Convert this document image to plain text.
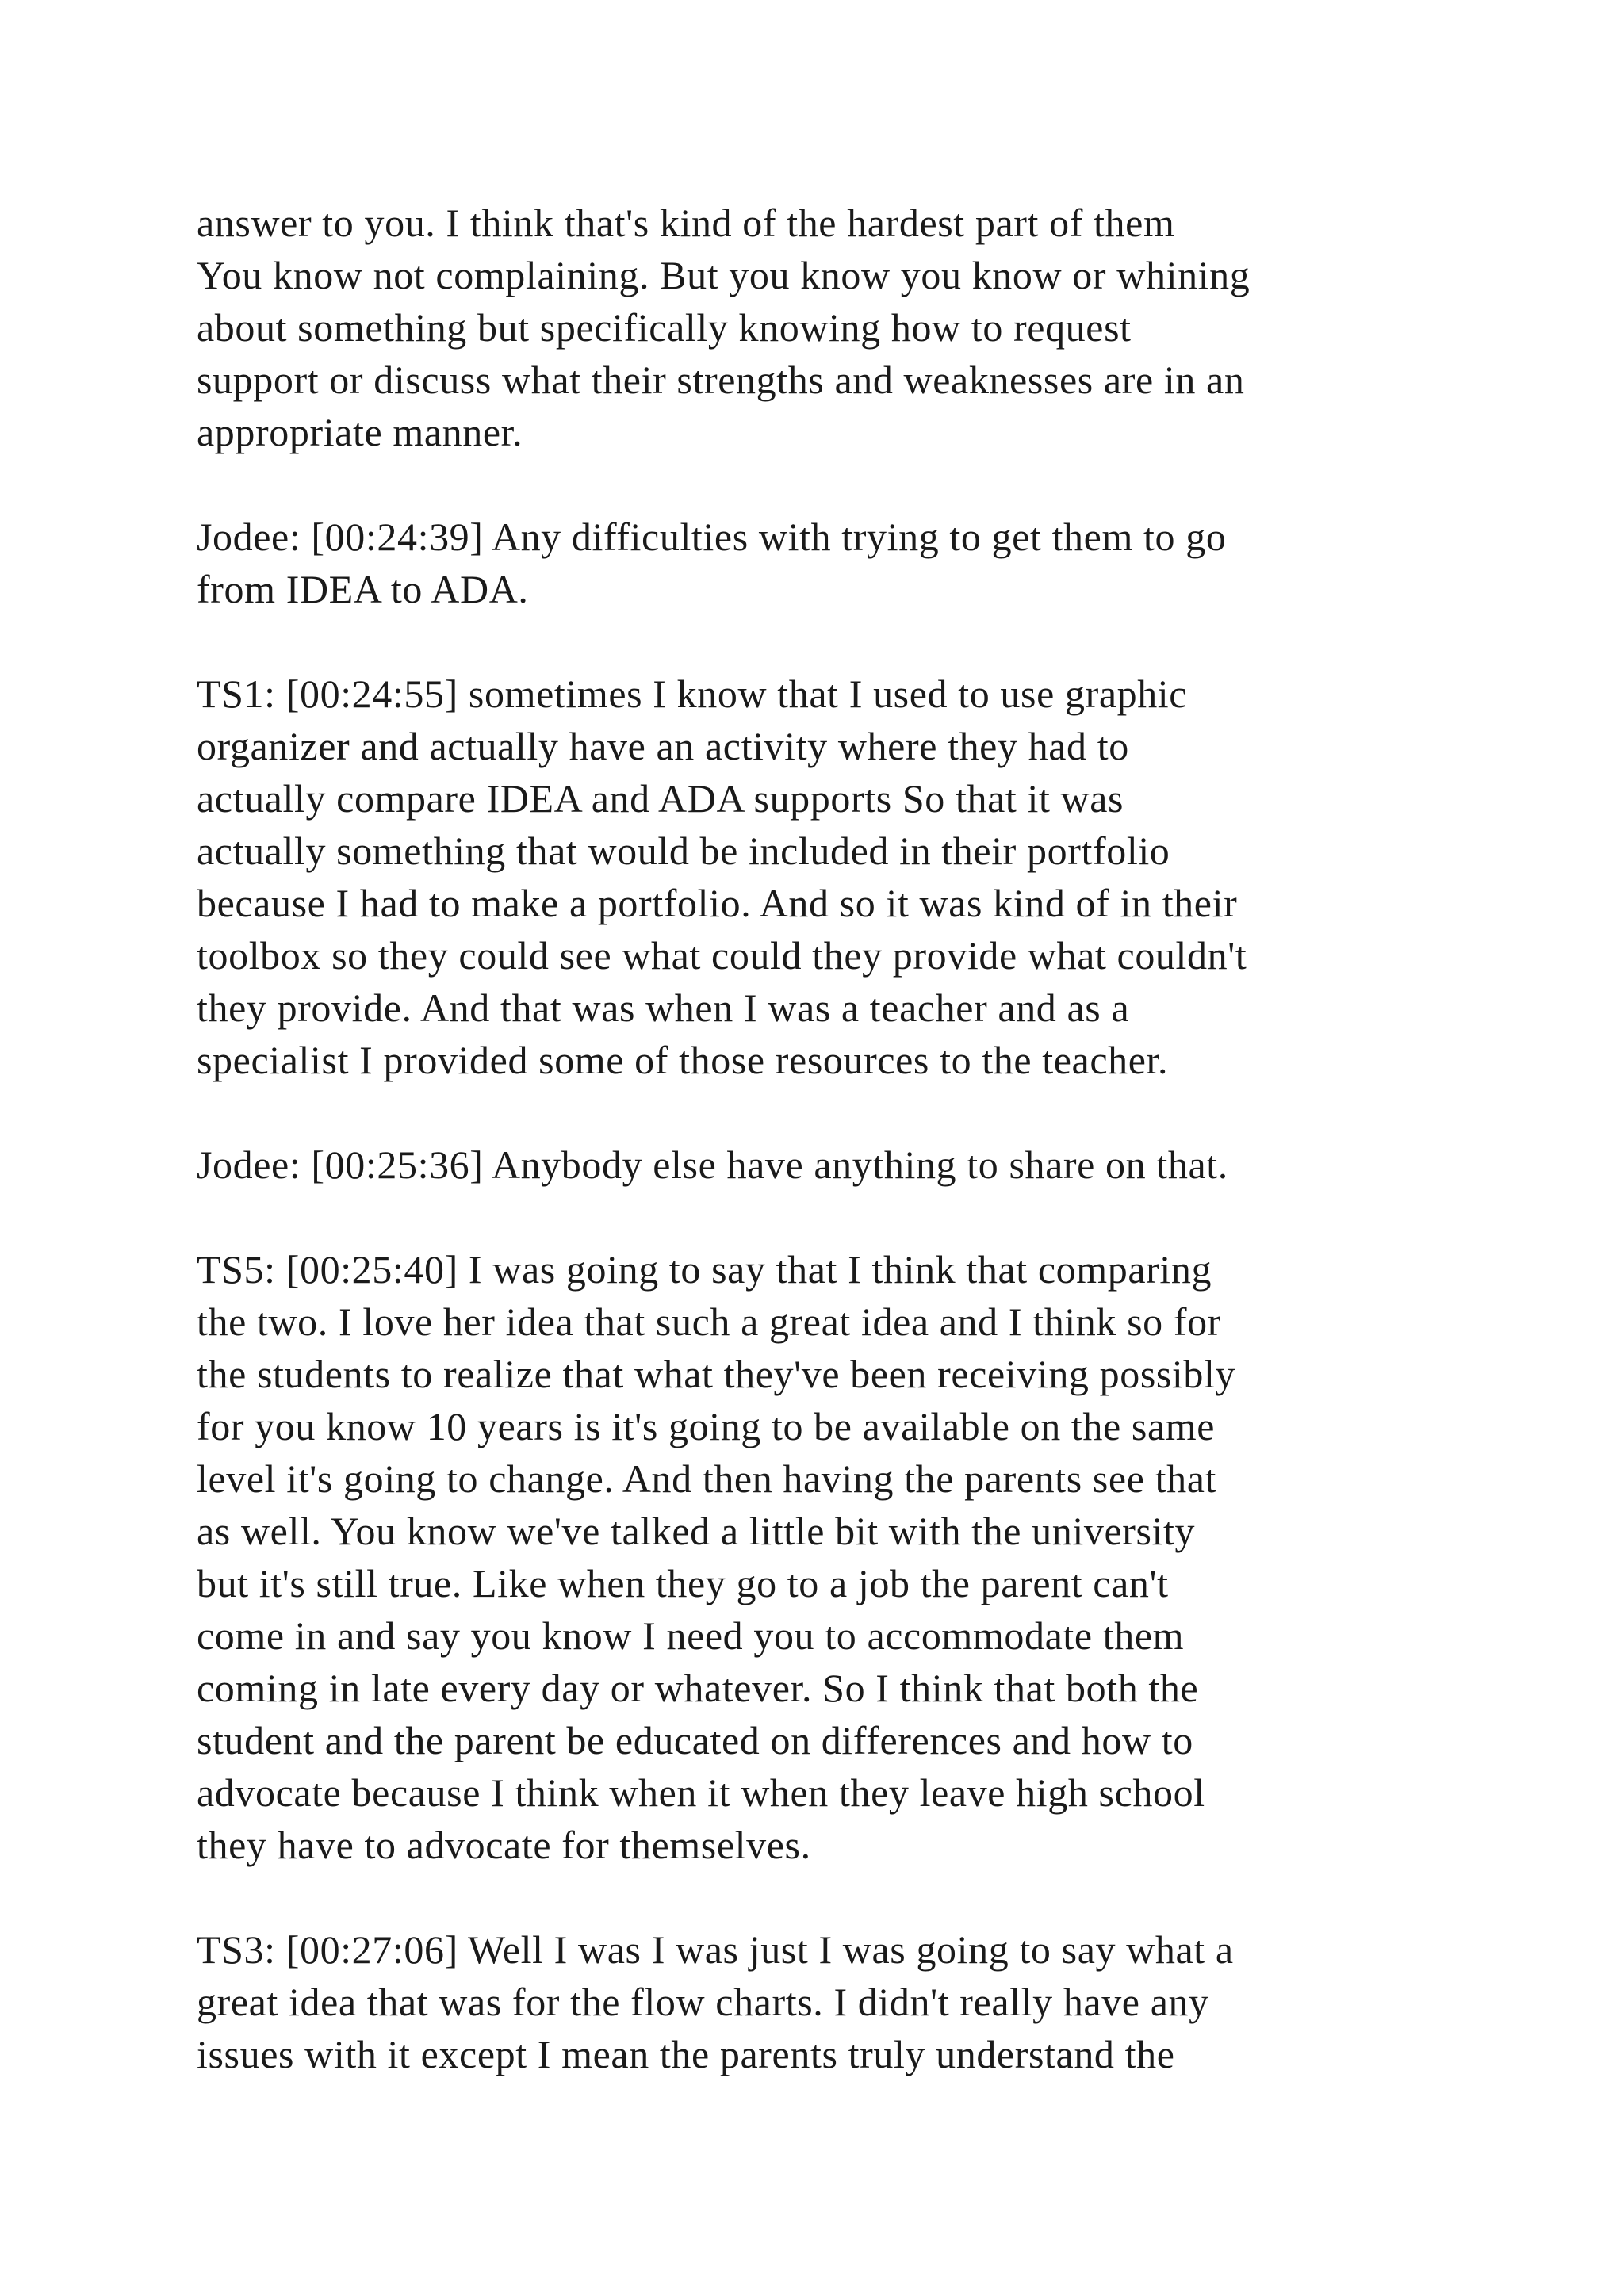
answer to you. I think that's kind of the hardest part of them
You know not complaining. But you know you know or whining
about something but specifically knowing how to request
support or discuss what their strengths and weaknesses are in an
appropriate manner.

Jodee: [00:24:39] Any difficulties with trying to get them to go
from IDEA to ADA.

TS1: [00:24:55] sometimes I know that I used to use graphic
organizer and actually have an activity where they had to
actually compare IDEA and ADA supports So that it was
actually something that would be included in their portfolio
because I had to make a portfolio. And so it was kind of in their
toolbox so they could see what could they provide what couldn't
they provide. And that was when I was a teacher and as a
specialist I provided some of those resources to the teacher.

Jodee: [00:25:36] Anybody else have anything to share on that.

TS5: [00:25:40] I was going to say that I think that comparing
the two. I love her idea that such a great idea and I think so for
the students to realize that what they've been receiving possibly
for you know 10 years is it's going to be available on the same
level it's going to change. And then having the parents see that
as well. You know we've talked a little bit with the university
but it's still true. Like when they go to a job the parent can't
come in and say you know I need you to accommodate them
coming in late every day or whatever. So I think that both the
student and the parent be educated on differences and how to
advocate because I think when it when they leave high school
they have to advocate for themselves.

TS3: [00:27:06] Well I was I was just I was going to say what a
great idea that was for the flow charts. I didn't really have any
issues with it except I mean the parents truly understand the
